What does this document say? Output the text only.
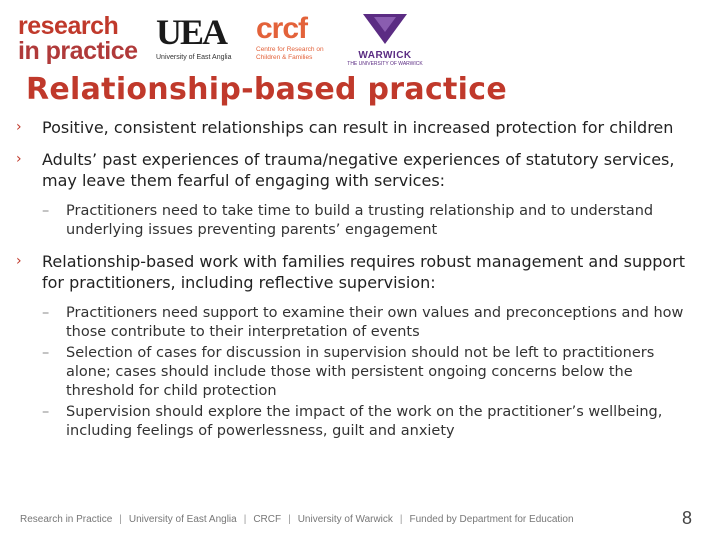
research
in practice UEA
University of East Anglia
crcf
Centre for Research on Children & Families	WARWICK
THE UNIVERSITY OF WARWICK
Relationship-based practice
›	Positive, consistent relationships can result in increased protection for children
›	Adults’ past experiences of trauma/negative experiences of statutory services, may leave them fearful of engaging with services:
–	Practitioners need to take time to build a trusting relationship and to understand underlying issues preventing parents’ engagement
›	Relationship-based work with families requires robust management and support for practitioners, including reflective supervision:
–	Practitioners need support to examine their own values and preconceptions and how those contribute to their interpretation of events
–	Selection of cases for discussion in supervision should not be left to practitioners alone; cases should include those with persistent ongoing concerns below the threshold for child protection
–	Supervision should explore the impact of the work on the practitioner’s wellbeing, including feelings of powerlessness, guilt and anxiety
Research in Practice | University of East Anglia | CRCF | University of Warwick | Funded by Department for Education	8
